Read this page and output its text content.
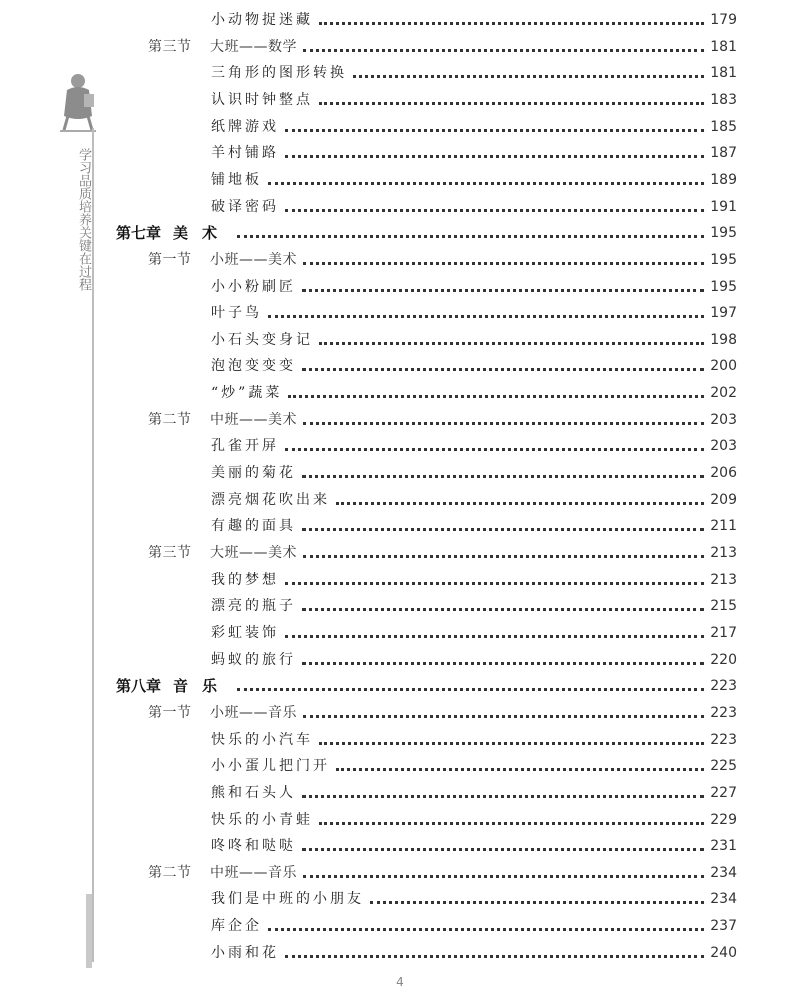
学习品质培养关键在过程
小动物捉迷藏	179
第三节 大班——数学	181
三角形的图形转换	181
认识时钟整点	183
纸牌游戏	185
羊村铺路	187
铺地板	189
破译密码	191
第七章 美术	195
第一节 小班——美术	195
小小粉刷匠	195
叶子鸟	197
小石头变身记	198
泡泡变变变	200
“炒”蔬菜	202
第二节 中班——美术	203
孔雀开屏	203
美丽的菊花	206
漂亮烟花吹出来	209
有趣的面具	211
第三节 大班——美术	213
我的梦想	213
漂亮的瓶子	215
彩虹装饰	217
蚂蚁的旅行	220
第八章 音乐	223
第一节 小班——音乐	223
快乐的小汽车	223
小小蛋儿把门开	225
熊和石头人	227
快乐的小青蛙	229
咚咚和哒哒	231
第二节 中班——音乐	234
我们是中班的小朋友	234
库企企	237
小雨和花	240
4
